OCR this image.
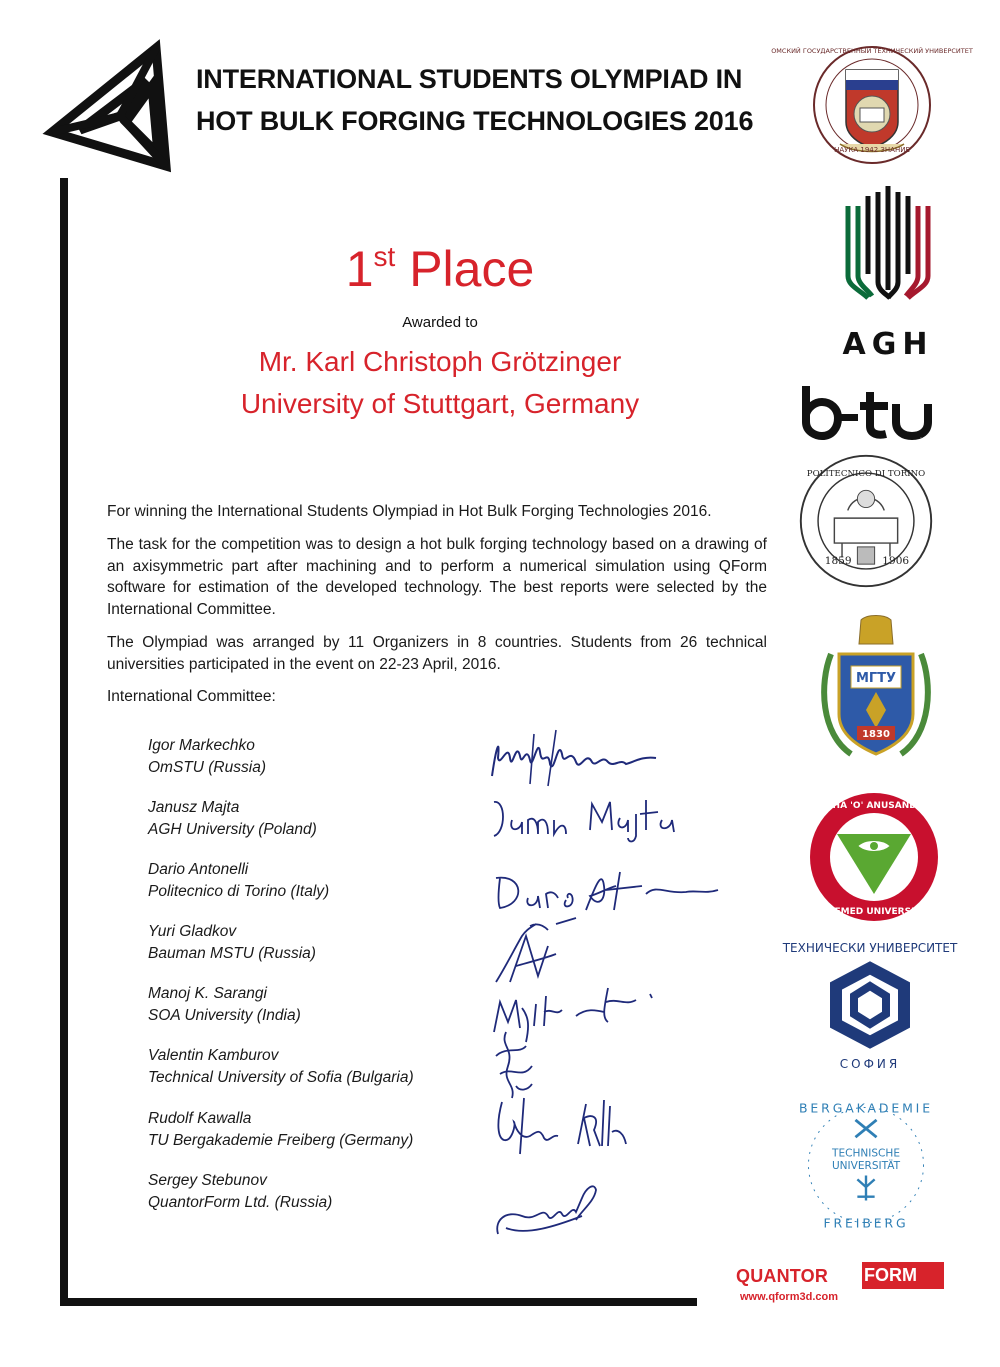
INTERNATIONAL STUDENTS OLYMPIAD IN
HOT BULK FORGING TECHNOLOGIES 2016
1st Place
Awarded to
Mr. Karl Christoph Grötzinger
University of Stuttgart, Germany

For winning the International Students Olympiad in Hot Bulk Forging Technologies 2016.

The task for the competition was to design a hot bulk forging technology based on a drawing of an axisymmetric part after machining and to perform a numerical simulation using QForm software for estimation of the developed technology. The best reports were selected by the International Committee.

The Olympiad was arranged by 11 Organizers in 8 countries. Students from 26 technical universities participated in the event on 22-23 April, 2016.

International Committee:

Igor Markechko
OmSTU (Russia)
Janusz Majta
AGH University (Poland)
Dario Antonelli
Politecnico di Torino (Italy)
Yuri Gladkov
Bauman MSTU (Russia)
Manoj K. Sarangi
SOA University (India)
Valentin Kamburov
Technical University of Sofia (Bulgaria)
Rudolf Kawalla
TU Bergakademie Freiberg (Germany)
Sergey Stebunov
QuantorForm Ltd. (Russia)
НАУКА 1942 ЗНАНИЕ
ОМСКИЙ ГОСУДАРСТВЕННЫЙ ТЕХНИЧЕСКИЙ УНИВЕРСИТЕТ
AGH
b-tu
POLITECNICO DI TORINO
1859	1906
МГТУ
1830
SIKSHA 'O' ANUSANDHAN
DEEMED UNIVERSITY
ТЕХНИЧЕСКИ УНИВЕРСИТЕТ
СОФИЯ
BERGAKADEMIE
FREIBERG
TECHNISCHE
UNIVERSITÄT
QUANTOR FORM
www.qform3d.com
